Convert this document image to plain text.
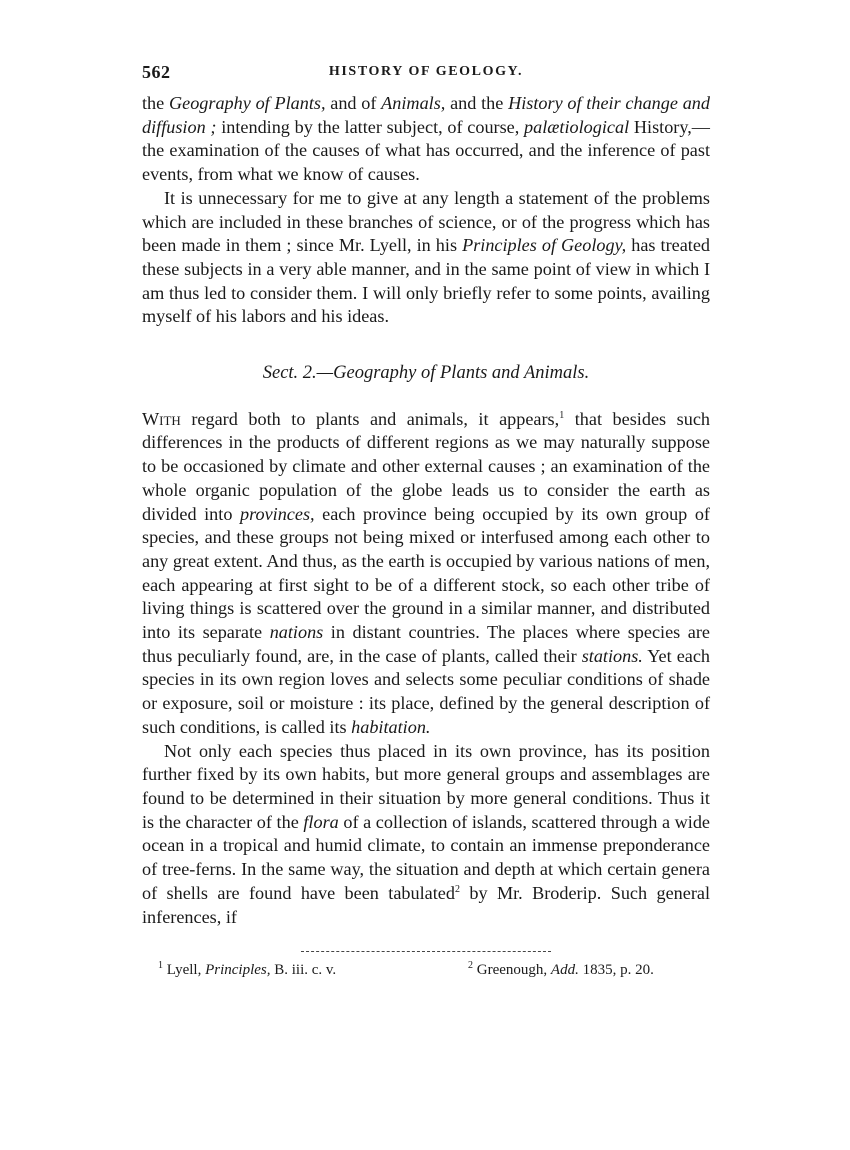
562	HISTORY OF GEOLOGY.

the Geography of Plants, and of Animals, and the History of their change and diffusion ; intending by the latter subject, of course, palætiological History,—the examination of the causes of what has occurred, and the inference of past events, from what we know of causes.

It is unnecessary for me to give at any length a statement of the problems which are included in these branches of science, or of the progress which has been made in them ; since Mr. Lyell, in his Principles of Geology, has treated these subjects in a very able manner, and in the same point of view in which I am thus led to consider them. I will only briefly refer to some points, availing myself of his labors and his ideas.

Sect. 2.—Geography of Plants and Animals.

With regard both to plants and animals, it appears,$^1$ that besides such differences in the products of different regions as we may naturally suppose to be occasioned by climate and other external causes ; an examination of the whole organic population of the globe leads us to consider the earth as divided into provinces, each province being occupied by its own group of species, and these groups not being mixed or interfused among each other to any great extent. And thus, as the earth is occupied by various nations of men, each appearing at first sight to be of a different stock, so each other tribe of living things is scattered over the ground in a similar manner, and distributed into its separate nations in distant countries. The places where species are thus peculiarly found, are, in the case of plants, called their stations. Yet each species in its own region loves and selects some peculiar conditions of shade or exposure, soil or moisture : its place, defined by the general description of such conditions, is called its habitation.

Not only each species thus placed in its own province, has its position further fixed by its own habits, but more general groups and assemblages are found to be determined in their situation by more general conditions. Thus it is the character of the flora of a collection of islands, scattered through a wide ocean in a tropical and humid climate, to contain an immense preponderance of tree-ferns. In the same way, the situation and depth at which certain genera of shells are found have been tabulated$^2$ by Mr. Broderip. Such general inferences, if

$^1$ Lyell, Principles, B. iii. c. v.	$^2$ Greenough, Add. 1835, p. 20.
